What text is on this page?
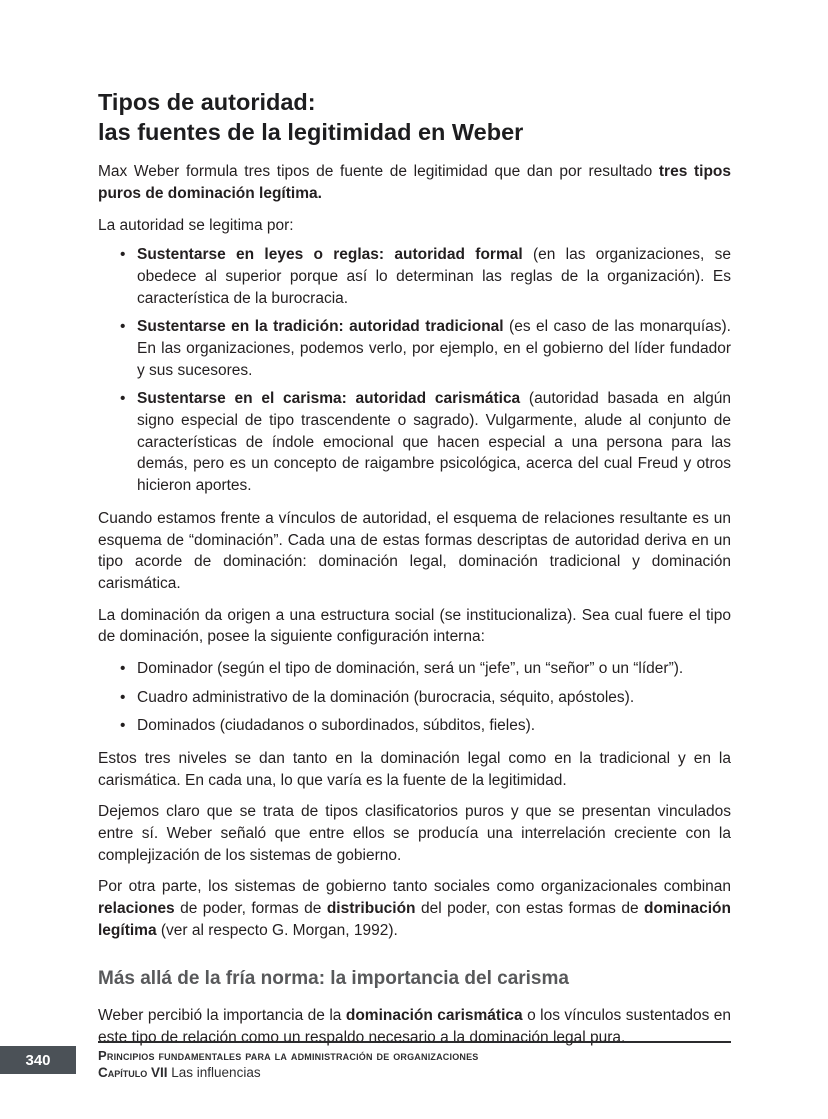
Tipos de autoridad:
las fuentes de la legitimidad en Weber

Max Weber formula tres tipos de fuente de legitimidad que dan por resultado tres tipos puros de dominación legítima.

La autoridad se legitima por:

• Sustentarse en leyes o reglas: autoridad formal (en las organizaciones, se obedece al superior porque así lo determinan las reglas de la organización). Es característica de la burocracia.
• Sustentarse en la tradición: autoridad tradicional (es el caso de las monarquías). En las organizaciones, podemos verlo, por ejemplo, en el gobierno del líder fundador y sus sucesores.
• Sustentarse en el carisma: autoridad carismática (autoridad basada en algún signo especial de tipo trascendente o sagrado). Vulgarmente, alude al conjunto de características de índole emocional que hacen especial a una persona para las demás, pero es un concepto de raigambre psicológica, acerca del cual Freud y otros hicieron aportes.

Cuando estamos frente a vínculos de autoridad, el esquema de relaciones resultante es un esquema de “dominación”. Cada una de estas formas descriptas de autoridad deriva en un tipo acorde de dominación: dominación legal, dominación tradicional y dominación carismática.

La dominación da origen a una estructura social (se institucionaliza). Sea cual fuere el tipo de dominación, posee la siguiente configuración interna:

• Dominador (según el tipo de dominación, será un “jefe”, un “señor” o un “líder”).
• Cuadro administrativo de la dominación (burocracia, séquito, apóstoles).
• Dominados (ciudadanos o subordinados, súbditos, fieles).

Estos tres niveles se dan tanto en la dominación legal como en la tradicional y en la carismática. En cada una, lo que varía es la fuente de la legitimidad.

Dejemos claro que se trata de tipos clasificatorios puros y que se presentan vinculados entre sí. Weber señaló que entre ellos se producía una interrelación creciente con la complejización de los sistemas de gobierno.

Por otra parte, los sistemas de gobierno tanto sociales como organizacionales combinan relaciones de poder, formas de distribución del poder, con estas formas de dominación legítima (ver al respecto G. Morgan, 1992).

Más allá de la fría norma: la importancia del carisma

Weber percibió la importancia de la dominación carismática o los vínculos sustentados en este tipo de relación como un respaldo necesario a la dominación legal pura.

Principios fundamentales para la administración de organizaciones
Capítulo VII Las influencias
340
